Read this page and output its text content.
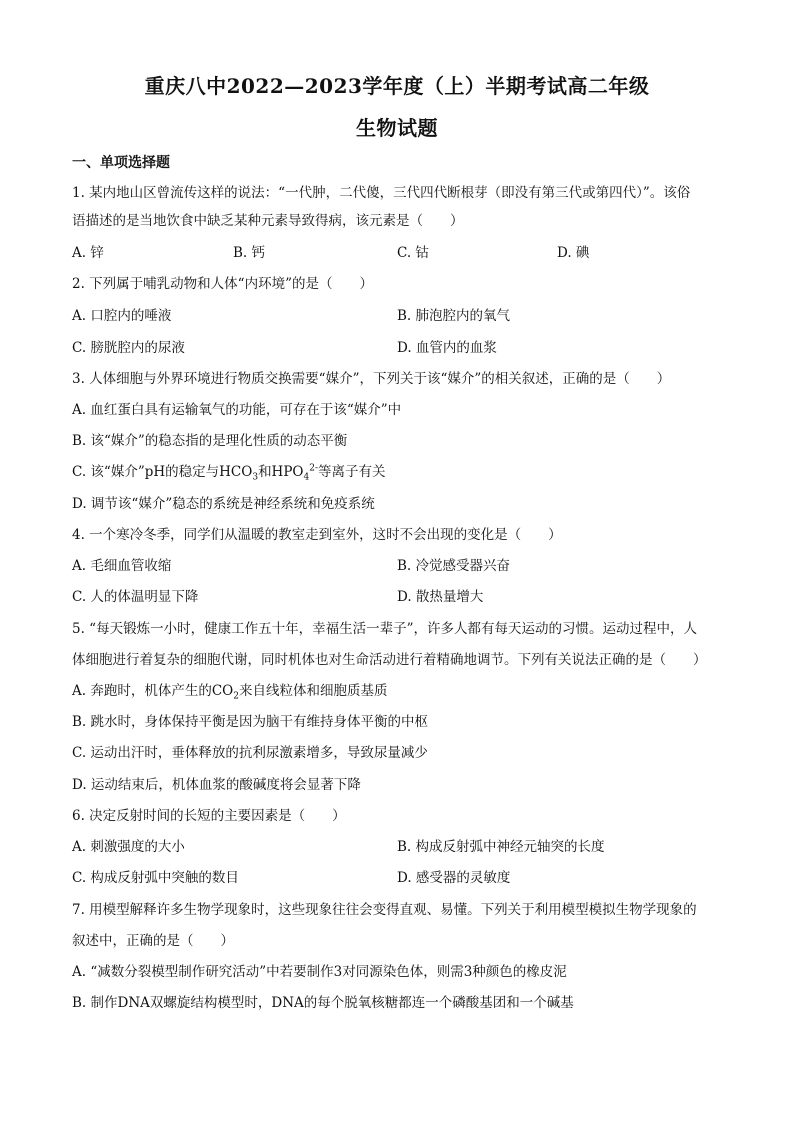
重庆八中2022—2023学年度（上）半期考试高二年级
生物试题
一、单项选择题
1. 某内地山区曾流传这样的说法：“一代肿，二代傻，三代四代断根芽（即没有第三代或第四代）”。该俗
语描述的是当地饮食中缺乏某种元素导致得病，该元素是（　　）
A. 锌	B. 钙	C. 钴	D. 碘
2. 下列属于哺乳动物和人体“内环境”的是（　　）
A. 口腔内的唾液	B. 肺泡腔内的氧气
C. 膀胱腔内的尿液	D. 血管内的血浆
3. 人体细胞与外界环境进行物质交换需要“媒介”，下列关于该“媒介”的相关叙述，正确的是（　　）
A. 血红蛋白具有运输氧气的功能，可存在于该“媒介”中
B. 该“媒介”的稳态指的是理化性质的动态平衡
C. 该“媒介”pH的稳定与$HCO_3$和$HPO_4^{2-}$等离子有关
D. 调节该“媒介”稳态的系统是神经系统和免疫系统
4. 一个寒冷冬季，同学们从温暖的教室走到室外，这时不会出现的变化是（　　）
A. 毛细血管收缩	B. 冷觉感受器兴奋
C. 人的体温明显下降	D. 散热量增大
5. “每天锻炼一小时，健康工作五十年，幸福生活一辈子”，许多人都有每天运动的习惯。运动过程中，人
体细胞进行着复杂的细胞代谢，同时机体也对生命活动进行着精确地调节。下列有关说法正确的是（　　）
A. 奔跑时，机体产生的$CO_2$来自线粒体和细胞质基质
B. 跳水时，身体保持平衡是因为脑干有维持身体平衡的中枢
C. 运动出汗时，垂体释放的抗利尿激素增多，导致尿量减少
D. 运动结束后，机体血浆的酸碱度将会显著下降
6. 决定反射时间的长短的主要因素是（　　）
A. 刺激强度的大小	B. 构成反射弧中神经元轴突的长度
C. 构成反射弧中突触的数目	D. 感受器的灵敏度
7. 用模型解释许多生物学现象时，这些现象往往会变得直观、易懂。下列关于利用模型模拟生物学现象的
叙述中，正确的是（　　）
A. “减数分裂模型制作研究活动”中若要制作3对同源染色体，则需3种颜色的橡皮泥
B. 制作DNA双螺旋结构模型时，DNA的每个脱氧核糖都连一个磷酸基团和一个碱基
